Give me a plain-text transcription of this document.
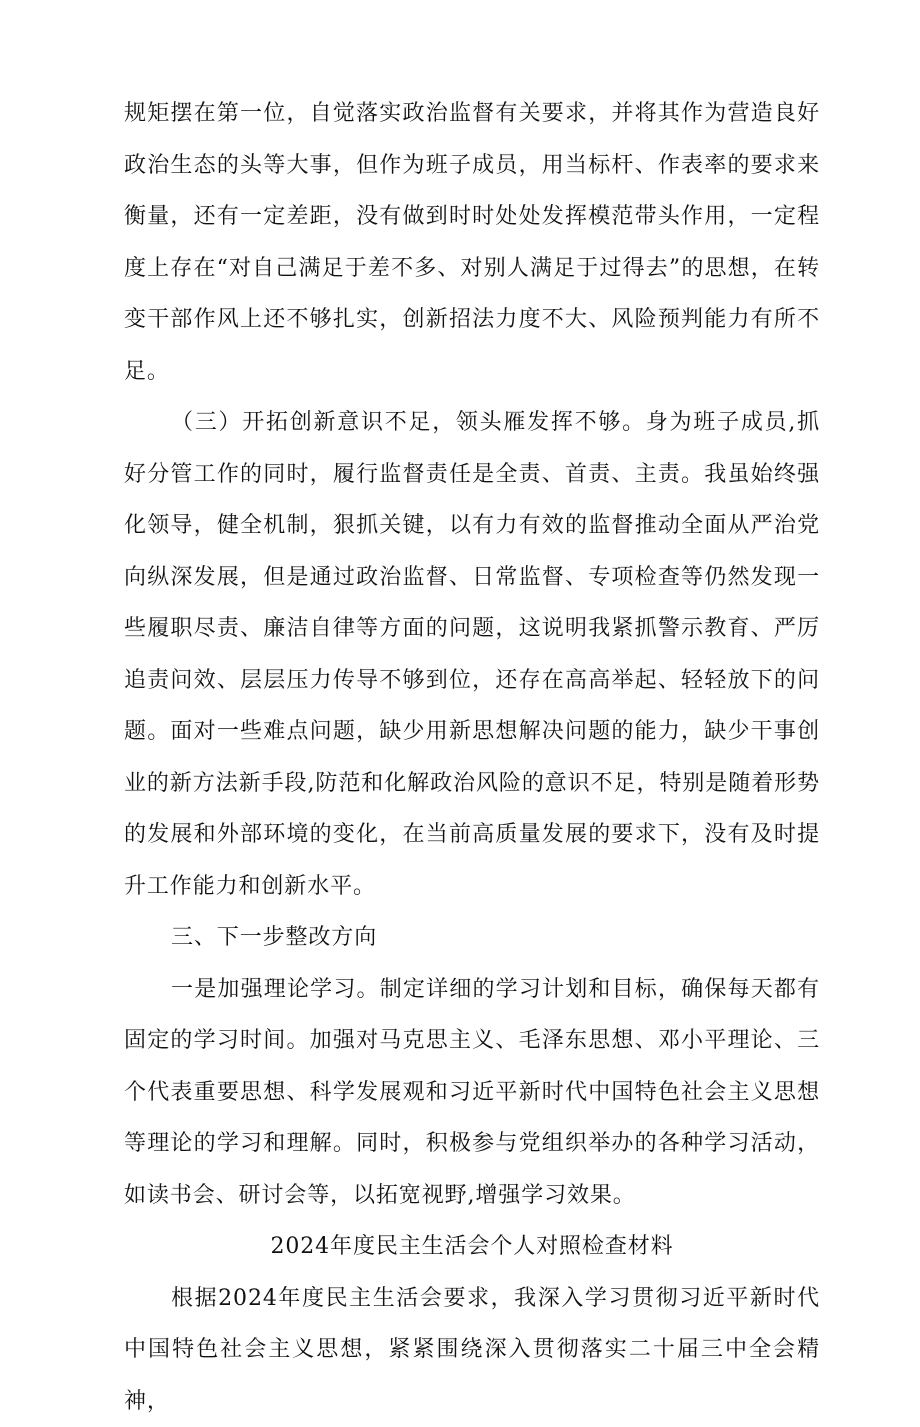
规矩摆在第一位，自觉落实政治监督有关要求，并将其作为营造良好政治生态的头等大事，但作为班子成员，用当标杆、作表率的要求来衡量，还有一定差距，没有做到时时处处发挥模范带头作用，一定程度上存在“对自己满足于差不多、对别人满足于过得去”的思想，在转变干部作风上还不够扎实，创新招法力度不大、风险预判能力有所不足。

（三）开拓创新意识不足，领头雁发挥不够。身为班子成员,抓好分管工作的同时，履行监督责任是全责、首责、主责。我虽始终强化领导，健全机制，狠抓关键，以有力有效的监督推动全面从严治党向纵深发展，但是通过政治监督、日常监督、专项检查等仍然发现一些履职尽责、廉洁自律等方面的问题，这说明我紧抓警示教育、严厉追责问效、层层压力传导不够到位，还存在高高举起、轻轻放下的问题。面对一些难点问题，缺少用新思想解决问题的能力，缺少干事创业的新方法新手段,防范和化解政治风险的意识不足，特别是随着形势的发展和外部环境的变化，在当前高质量发展的要求下，没有及时提升工作能力和创新水平。

三、下一步整改方向

一是加强理论学习。制定详细的学习计划和目标，确保每天都有固定的学习时间。加强对马克思主义、毛泽东思想、邓小平理论、三个代表重要思想、科学发展观和习近平新时代中国特色社会主义思想等理论的学习和理解。同时，积极参与党组织举办的各种学习活动，如读书会、研讨会等，以拓宽视野,增强学习效果。

2024年度民主生活会个人对照检查材料

根据2024年度民主生活会要求，我深入学习贯彻习近平新时代中国特色社会主义思想，紧紧围绕深入贯彻落实二十届三中全会精神，
